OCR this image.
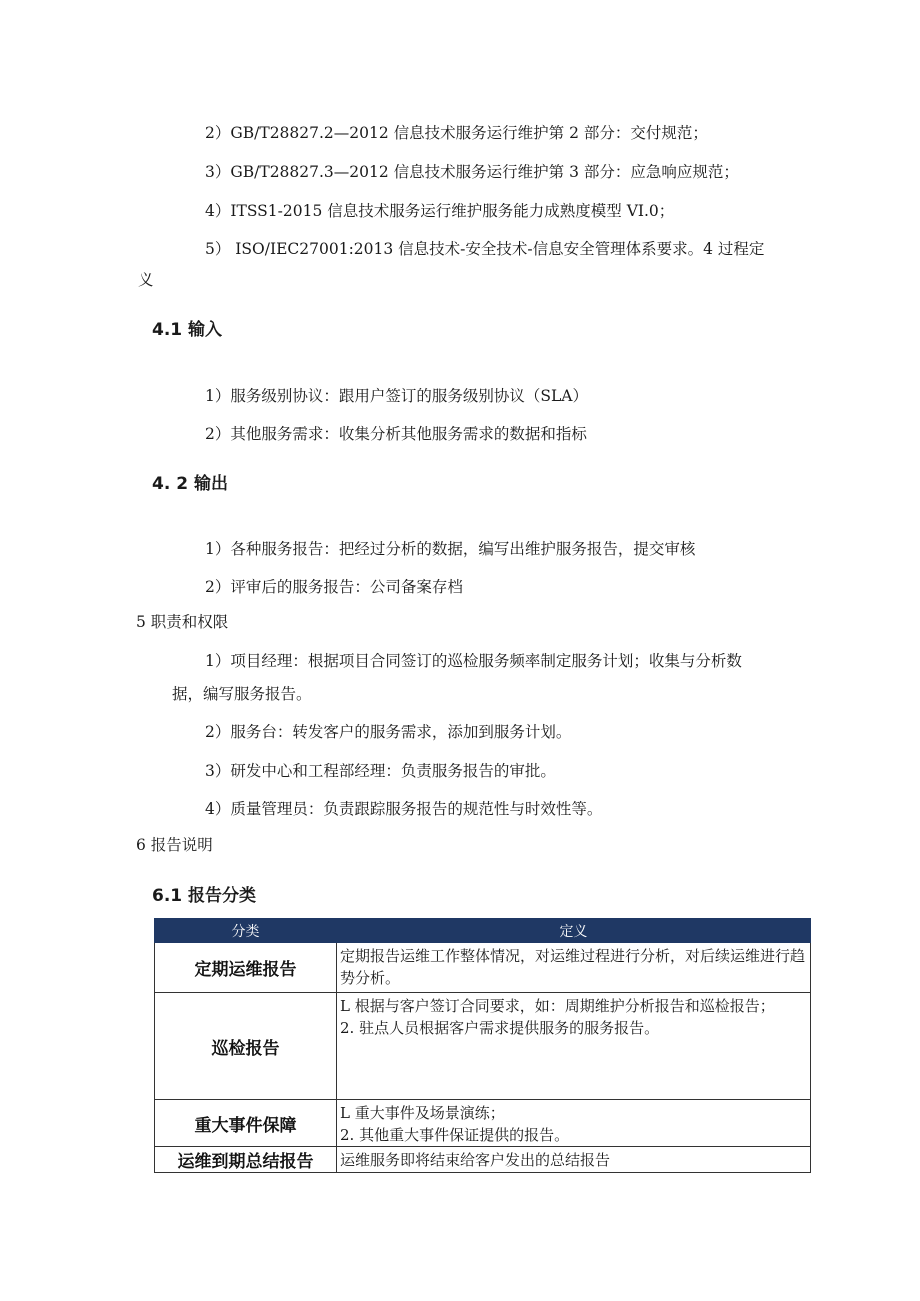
2）GB/T28827.2—2012 信息技术服务运行维护第 2 部分：交付规范；
3）GB/T28827.3—2012 信息技术服务运行维护第 3 部分：应急响应规范；
4）ITSS1-2015 信息技术服务运行维护服务能力成熟度模型 VI.0；
5） ISO/IEC27001:2013 信息技术-安全技术-信息安全管理体系要求。4 过程定
义
4.1 输入
1）服务级别协议：跟用户签订的服务级别协议（SLA）
2）其他服务需求：收集分析其他服务需求的数据和指标
4. 2 输出
1）各种服务报告：把经过分析的数据，编写出维护服务报告，提交审核
2）评审后的服务报告：公司备案存档
5 职责和权限
1）项目经理：根据项目合同签订的巡检服务频率制定服务计划；收集与分析数
据，编写服务报告。
2）服务台：转发客户的服务需求，添加到服务计划。
3）研发中心和工程部经理：负责服务报告的审批。
4）质量管理员：负责跟踪服务报告的规范性与时效性等。
6 报告说明
6.1 报告分类
分类	定义
定期运维报告	定期报告运维工作整体情况，对运维过程进行分析，对后续运维进行趋势分析。

巡检报告	L 根据与客户签订合同要求，如：周期维护分析报告和巡检报告；
2. 驻点人员根据客户需求提供服务的服务报告。

重大事件保障	L 重大事件及场景演练；
2. 其他重大事件保证提供的报告。

运维到期总结报告	运维服务即将结束给客户发出的总结报告
